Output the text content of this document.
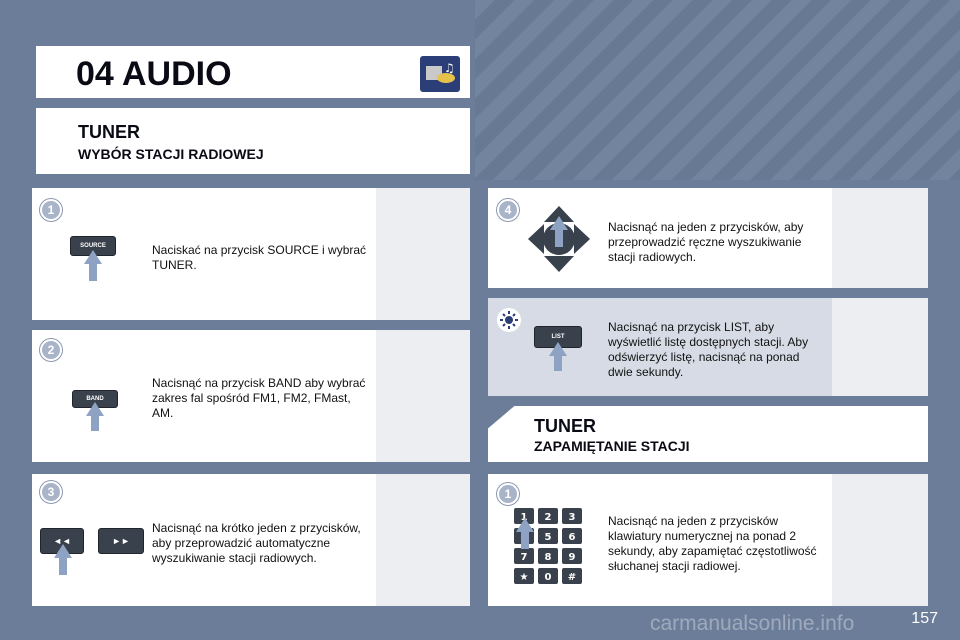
04 AUDIO	♫
TUNER
WYBÓR STACJI RADIOWEJ
1
SOURCE	Naciskać na przycisk SOURCE i wybrać TUNER.
2
BAND
Nacisnąć na przycisk BAND aby wybrać zakres fal spośród FM1, FM2, FMast, AM.
3
◄◄	►►
Nacisnąć na krótko jeden z przycisków, aby przeprowadzić automatyczne wyszukiwanie stacji radiowych.
4
Nacisnąć na jeden z przycisków, aby przeprowadzić ręczne wyszukiwanie stacji radiowych.
LIST
Nacisnąć na przycisk LIST, aby wyświetlić listę dostępnych stacji. Aby odświerzyć listę, nacisnąć na ponad dwie sekundy.
TUNER
ZAPAMIĘTANIE STACJI
1
1 2 3
5 6
7 8 9
★ 0 #
Nacisnąć na jeden z przycisków klawiatury numerycznej na ponad 2 sekundy, aby zapamiętać częstotliwość słuchanej stacji radiowej.
157
carmanualsonline.info
